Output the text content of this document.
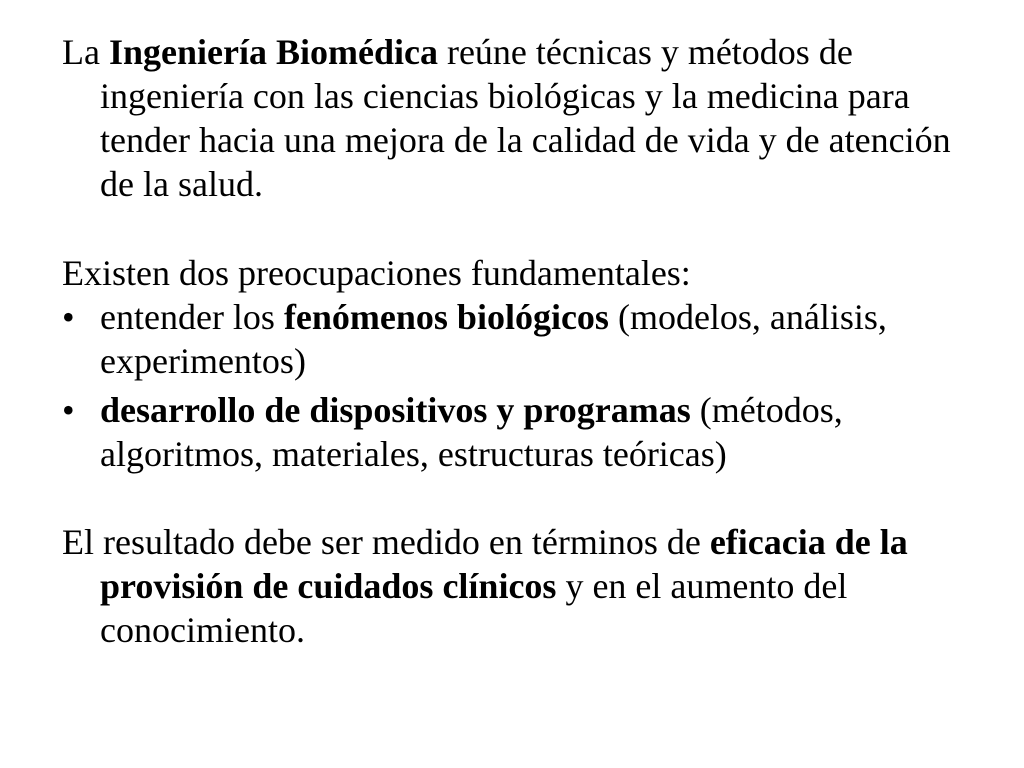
La Ingeniería Biomédica reúne técnicas y métodos de ingeniería con las ciencias biológicas y la medicina para tender hacia una mejora de la calidad de vida y de atención de la salud.

Existen dos preocupaciones fundamentales:

• entender los fenómenos biológicos (modelos, análisis, experimentos)
• desarrollo de dispositivos y programas (métodos, algoritmos, materiales, estructuras teóricas)

El resultado debe ser medido en términos de eficacia de la provisión de cuidados clínicos y en el aumento del conocimiento.
